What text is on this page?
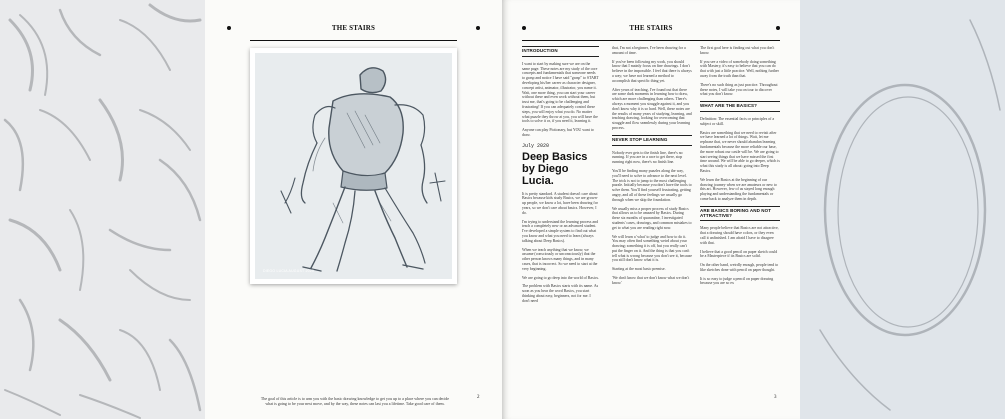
THE STAIRS
DIEGO LUCIA AUGUST 2020
The goal of this article is to arm you with the basic drawing knowledge to get you up to a place where you can decide what is going to be your next move, and by the way, these notes can last you a lifetime. Take good care of them.
2
THE STAIRS
INTRODUCTION

I want to start by making sure we are on the same page. These notes are my study of the core concepts and fundamentals that someone needs to grasp and notice I have said "grasp" to START developing his/her career as character designer, concept artist, animator, illustrator, you name it. Wait, one more thing, you can start your career without these and even work without them, but trust me, that's going to be challenging and frustrating! If you can adequately control these steps, you will enjoy what you do. No matter what puzzle they throw at you, you will have the tools to solve it or, if you need it, learning it.

Anyone can play Pictionary, but YOU want to draw.

July 2020
Deep Basics by Diego Lucia.

It is pretty standard. A student doesn't care about Basics because kids study Basics, we are grown-up people, we know a lot, have been drawing for years, so we don't care about basics. However, I do.

I'm trying to understand the learning process and teach a completely new or an advanced student. I've developed a simple system to find out what you know and what you need to learn (always talking about Deep Basics).

When we teach anything that we know, we assume (consciously or unconsciously) that the other person knows many things, and in many cases, that is incorrect. So we need to start at the very beginning.

We are going to go deep into the world of Basics.

The problem with Basics starts with its name. As soon as you hear the word Basics, you start thinking about easy, beginners, not for me. I don't need

that, I'm not a beginner, I've been drawing for a amount of time.

If you've been following my work, you should know that I mainly focus on fine drawings. I don't believe in the impossible. I feel that there is always a way; we have not learned a method to accomplish that specific thing yet.

After years of teaching, I've found out that there are some dark moments in learning how to draw, which are more challenging than others. There's always a moment you struggle against it, and you don't know why it is so hard. Well, these notes are the results of many years of studying, learning, and teaching drawing, looking for overcoming that struggle and flow seamlessly during your learning process.

NEVER STOP LEARNING

Nobody ever gets to the finish line, there's no running. If you are in a race to get there, stop running right now, there's no finish line.

You'll be finding many puzzles along the way, you'll need to solve to advance to the next level. The trick is not to jump to the most challenging puzzle. Initially because you don't have the tools to solve them. You'll find yourself frustrating, getting angry, and all of these feelings we usually go through when we skip the foundation.

We usually miss a proper process of study Basics that allows us to be amazed by Basics. During these six months of quarantine, I investigated students' cases, drawings, and common mistakes to get to what you are reading right now.

We will learn a 'what' to judge and how to do it. You may often find something weird about your drawing; something it is off, but you really can't put the finger on it. And the thing is that you can't tell what is wrong because you don't see it, because you still don't know what it is.

Starting at the most basic premise.

'We don't know that we don't know what we don't know.'

The first goal here is finding out what you don't know.

If you see a video of somebody doing something with Mastery, it's easy to believe that you can do that with just a little practice. Well, nothing further away from the truth than that.

There's no such thing as just practice. Throughout these notes, I will take you on tour to discover what you don't know.

WHAT ARE THE BASICS?

Definition: The essential facts or principles of a subject or skill.

Basics are something that we need to revisit after we have learned a lot of things. Wait, let me rephrase that, we never should abandon learning fundamentals because the more reliable our base, the more robust our castle will be. We are going to start seeing things that we have missed the first time around. We will be able to go deeper, which is what this study is all about: going into Deep Basics.

We learn the Basics at the beginning of our drawing journey when we are amateurs or new to this art. However, few of us stayed long enough playing and understanding the fundamentals or come back to analyze them in depth.

ARE BASICS BORING AND NOT ATTRACTIVE?

Many people believe that Basics are not attractive, that a drawing should have colors, or they even call it unfinished. I am afraid I have to disagree with that.

I believe that a good pencil on paper sketch could be a Masterpiece if its Basics are solid.

On the other hand, weirdly enough, people tend to like sketches done with pencil on paper thought.

It is so easy to judge a pencil on paper drawing because you are so ex

3
